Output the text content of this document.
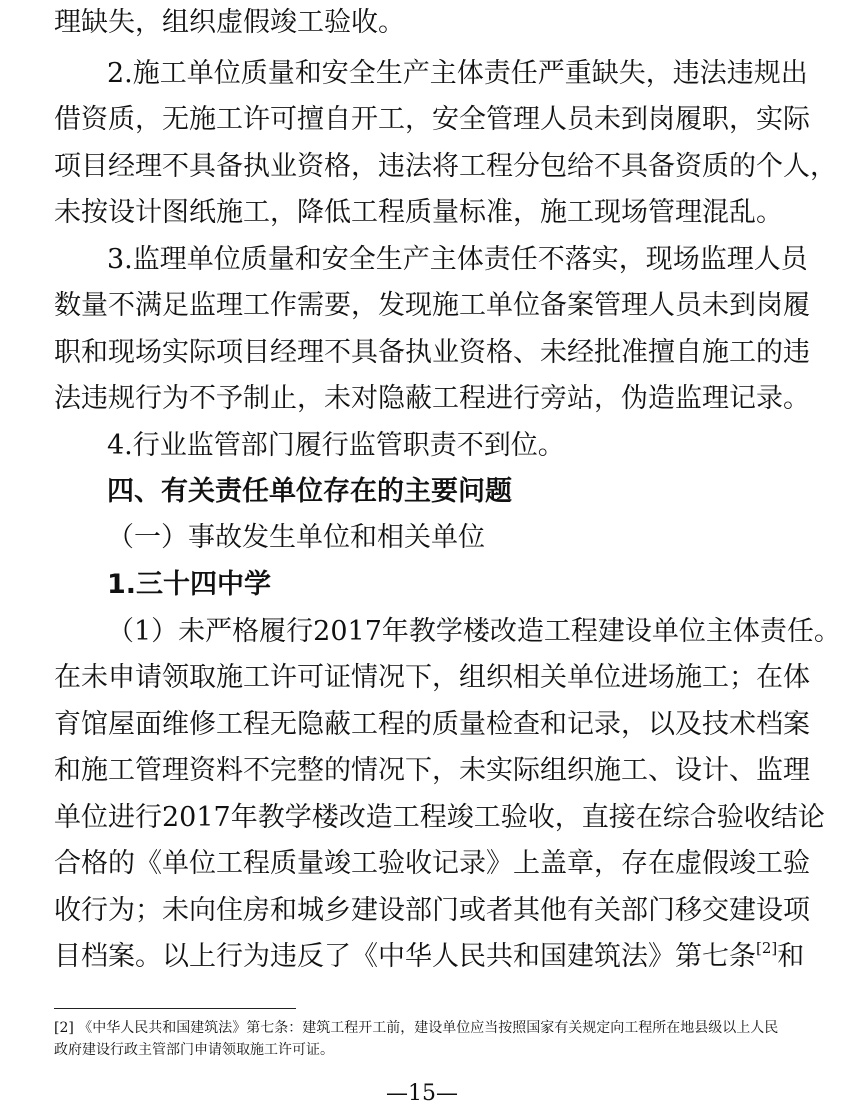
理缺失，组织虚假竣工验收。
2.施工单位质量和安全生产主体责任严重缺失，违法违规出
借资质，无施工许可擅自开工，安全管理人员未到岗履职，实际
项目经理不具备执业资格，违法将工程分包给不具备资质的个人，
未按设计图纸施工，降低工程质量标准，施工现场管理混乱。
3.监理单位质量和安全生产主体责任不落实，现场监理人员
数量不满足监理工作需要，发现施工单位备案管理人员未到岗履
职和现场实际项目经理不具备执业资格、未经批准擅自施工的违
法违规行为不予制止，未对隐蔽工程进行旁站，伪造监理记录。
4.行业监管部门履行监管职责不到位。
四、有关责任单位存在的主要问题
（一）事故发生单位和相关单位
1.三十四中学
（1）未严格履行2017年教学楼改造工程建设单位主体责任。
在未申请领取施工许可证情况下，组织相关单位进场施工；在体
育馆屋面维修工程无隐蔽工程的质量检查和记录，以及技术档案
和施工管理资料不完整的情况下，未实际组织施工、设计、监理
单位进行2017年教学楼改造工程竣工验收，直接在综合验收结论
合格的《单位工程质量竣工验收记录》上盖章，存在虚假竣工验
收行为；未向住房和城乡建设部门或者其他有关部门移交建设项
目档案。以上行为违反了《中华人民共和国建筑法》第七条[2]和
[2] 《中华人民共和国建筑法》第七条：建筑工程开工前，建设单位应当按照国家有关规定向工程所在地县级以上人民
政府建设行政主管部门申请领取施工许可证。
—15—
